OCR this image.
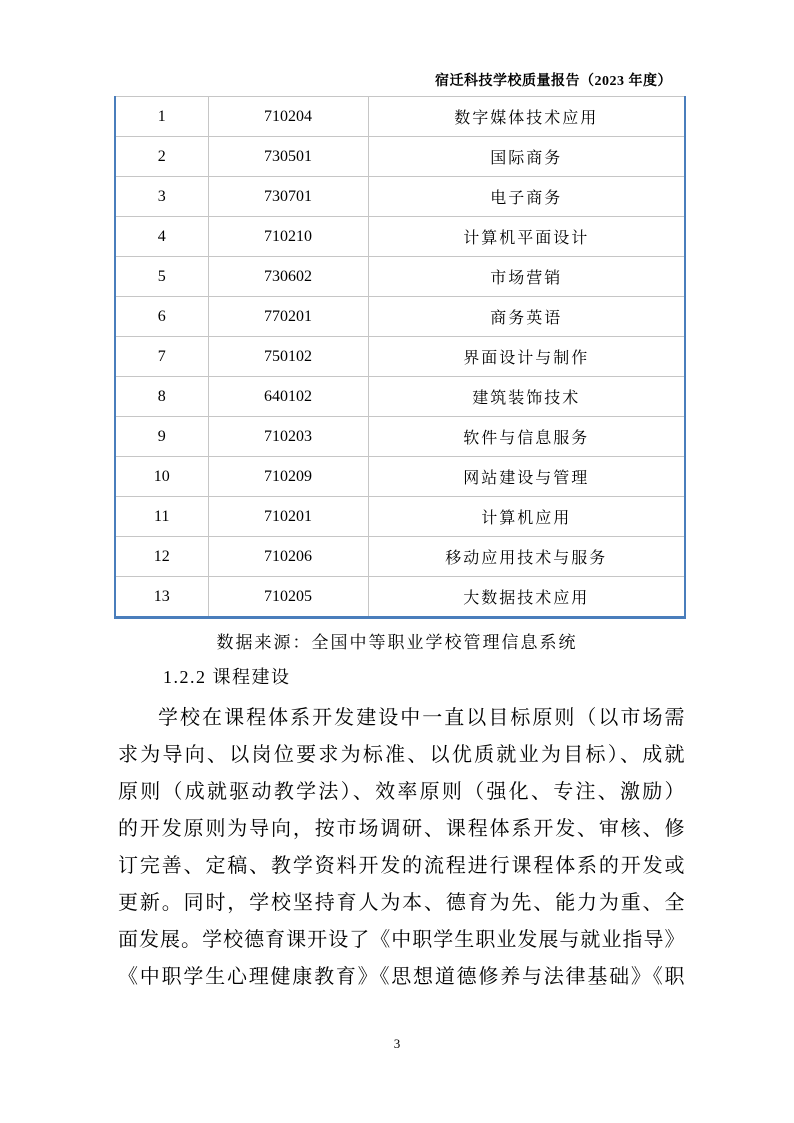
宿迁科技学校质量报告（2023 年度）
1	710204	数字媒体技术应用
2	730501	国际商务
3	730701	电子商务
4	710210	计算机平面设计
5	730602	市场营销
6	770201	商务英语
7	750102	界面设计与制作
8	640102	建筑装饰技术
9	710203	软件与信息服务
10	710209	网站建设与管理
11	710201	计算机应用
12	710206	移动应用技术与服务
13	710205	大数据技术应用
数据来源：全国中等职业学校管理信息系统
1.2.2 课程建设
学校在课程体系开发建设中一直以目标原则（以市场需
求为导向、以岗位要求为标准、以优质就业为目标）、成就
原则（成就驱动教学法）、效率原则（强化、专注、激励）
的开发原则为导向，按市场调研、课程体系开发、审核、修
订完善、定稿、教学资料开发的流程进行课程体系的开发或
更新。同时，学校坚持育人为本、德育为先、能力为重、全
面发展。学校德育课开设了《中职学生职业发展与就业指导》
《中职学生心理健康教育》《思想道德修养与法律基础》《职
3
